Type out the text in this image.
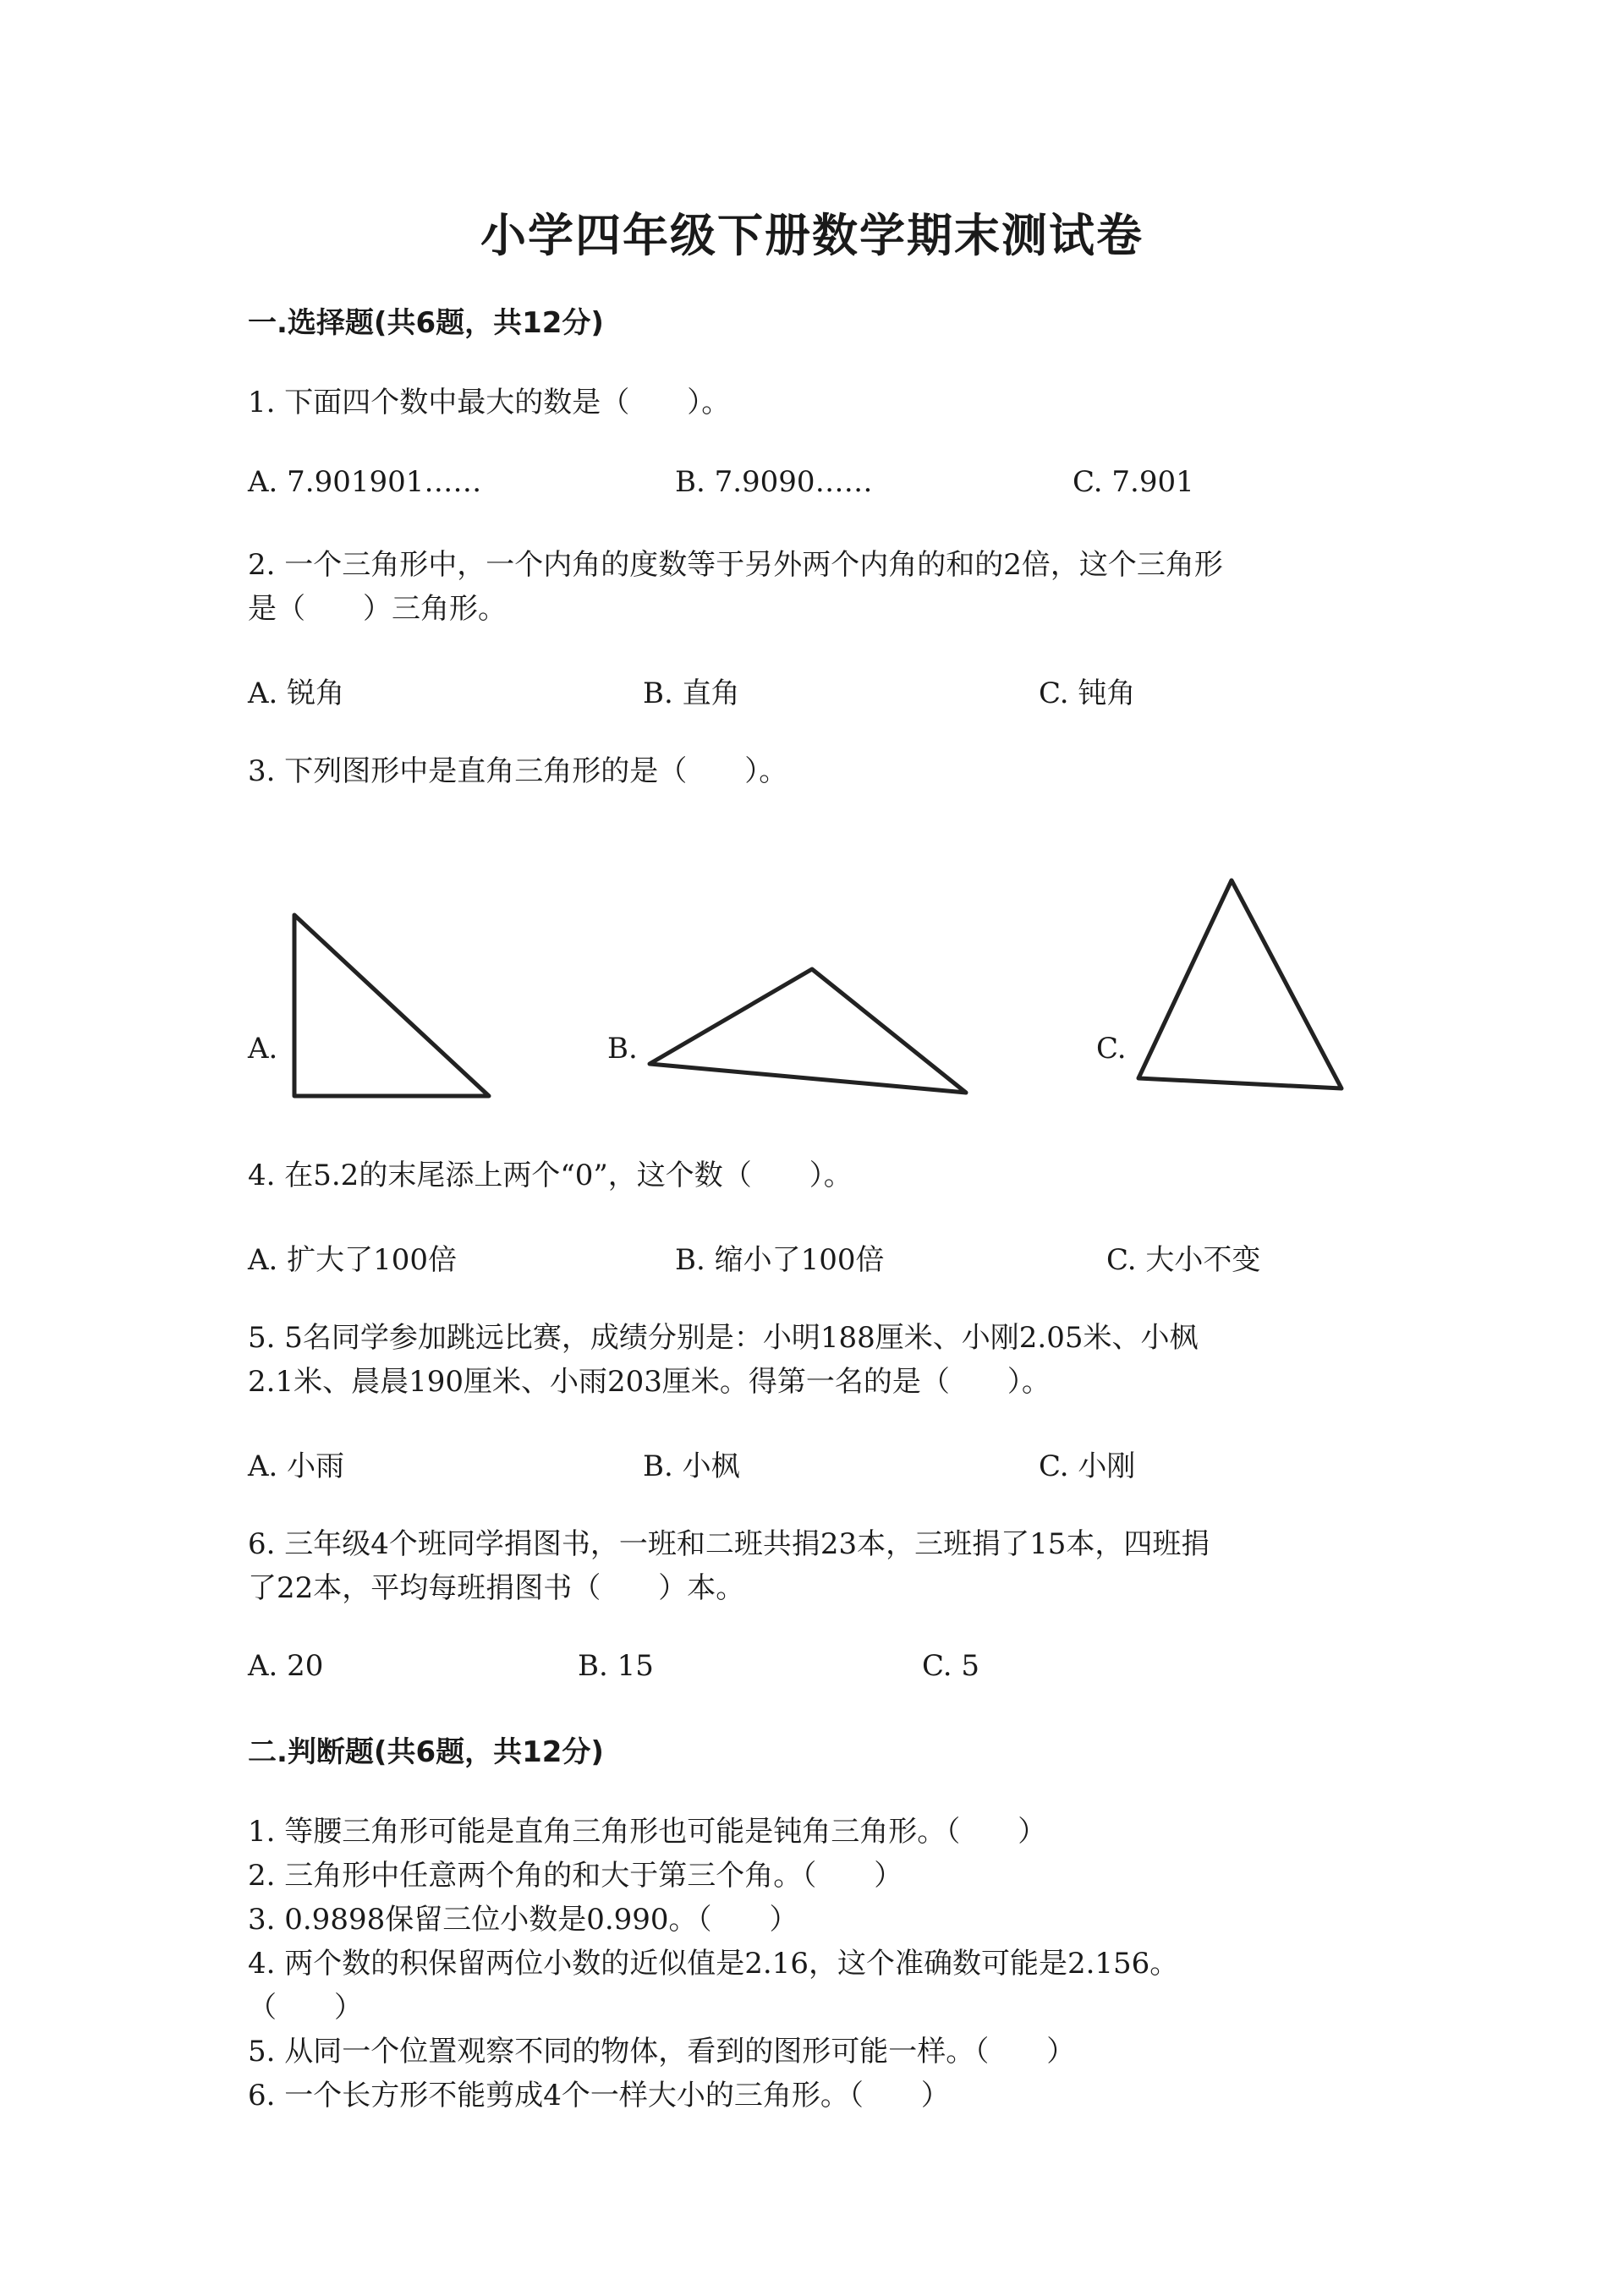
小学四年级下册数学期末测试卷
一.选择题(共6题，共12分)
1. 下面四个数中最大的数是（　　）。
A. 7.901901……	B. 7.9090……	C. 7.901
2. 一个三角形中，一个内角的度数等于另外两个内角的和的2倍，这个三角形
是（　　）三角形。
A. 锐角	B. 直角	C. 钝角
3. 下列图形中是直角三角形的是（　　）。
A.	B.	C.
4. 在5.2的末尾添上两个“0”，这个数（　　）。
A. 扩大了100倍	B. 缩小了100倍	C. 大小不变
5. 5名同学参加跳远比赛，成绩分别是：小明188厘米、小刚2.05米、小枫
2.1米、晨晨190厘米、小雨203厘米。得第一名的是（　　）。
A. 小雨	B. 小枫	C. 小刚
6. 三年级4个班同学捐图书，一班和二班共捐23本，三班捐了15本，四班捐
了22本，平均每班捐图书（　　）本。
A. 20	B. 15	C. 5
二.判断题(共6题，共12分)
1. 等腰三角形可能是直角三角形也可能是钝角三角形。（　　）
2. 三角形中任意两个角的和大于第三个角。（　　）
3. 0.9898保留三位小数是0.990。（　　）
4. 两个数的积保留两位小数的近似值是2.16，这个准确数可能是2.156。
（　　）
5. 从同一个位置观察不同的物体，看到的图形可能一样。（　　）
6. 一个长方形不能剪成4个一样大小的三角形。（　　）
